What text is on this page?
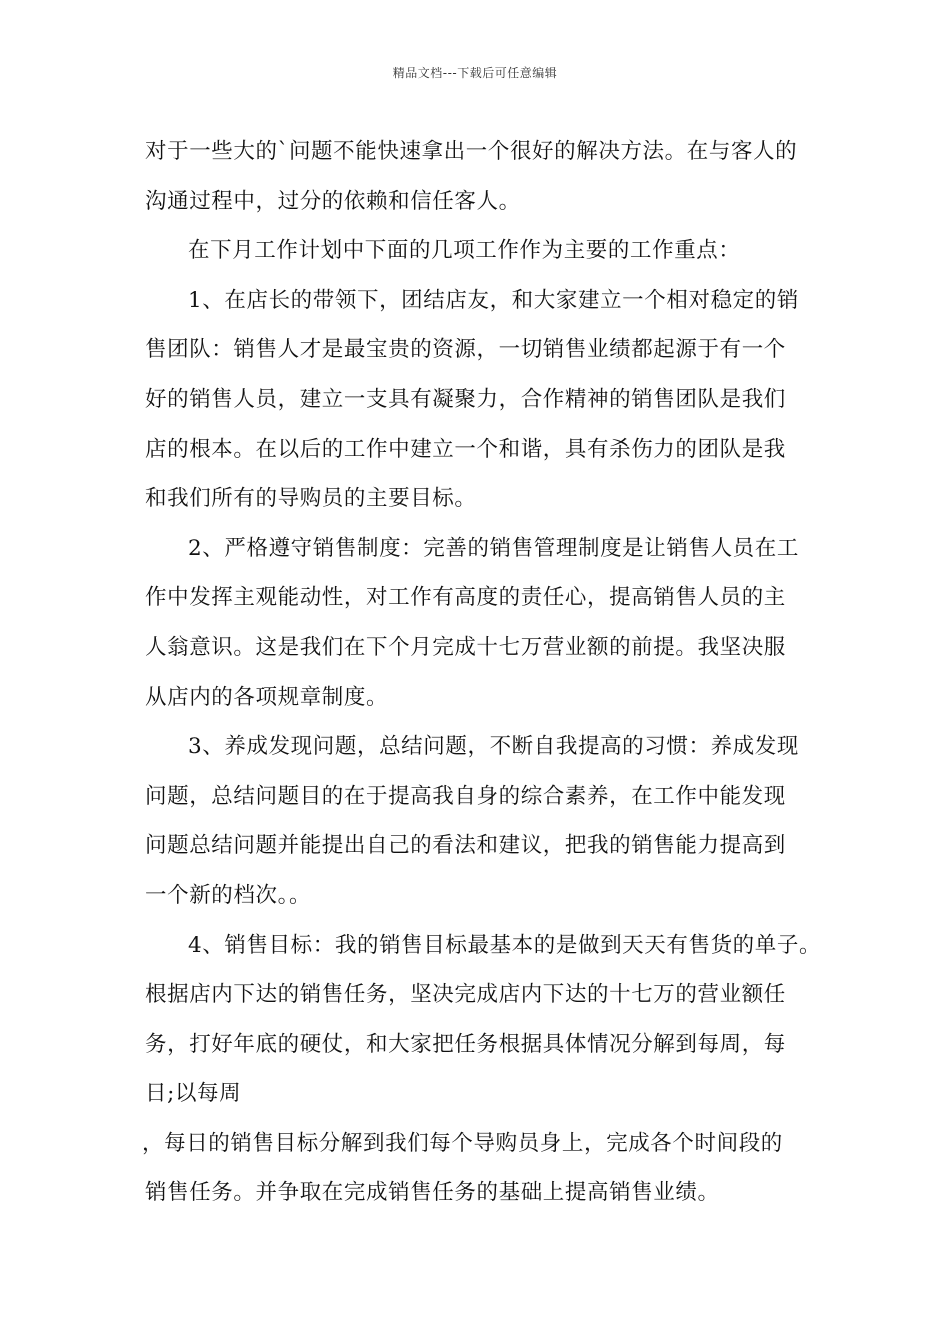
精品文档---下载后可任意编辑
对于一些大的`问题不能快速拿出一个很好的解决方法。在与客人的
沟通过程中，过分的依赖和信任客人。
在下月工作计划中下面的几项工作作为主要的工作重点：
1、在店长的带领下，团结店友，和大家建立一个相对稳定的销
售团队：销售人才是最宝贵的资源，一切销售业绩都起源于有一个
好的销售人员，建立一支具有凝聚力，合作精神的销售团队是我们
店的根本。在以后的工作中建立一个和谐，具有杀伤力的团队是我
和我们所有的导购员的主要目标。
2、严格遵守销售制度：完善的销售管理制度是让销售人员在工
作中发挥主观能动性，对工作有高度的责任心，提高销售人员的主
人翁意识。这是我们在下个月完成十七万营业额的前提。我坚决服
从店内的各项规章制度。
3、养成发现问题，总结问题，不断自我提高的习惯：养成发现
问题，总结问题目的在于提高我自身的综合素养，在工作中能发现
问题总结问题并能提出自己的看法和建议，把我的销售能力提高到
一个新的档次。。
4、销售目标：我的销售目标最基本的是做到天天有售货的单子。
根据店内下达的销售任务，坚决完成店内下达的十七万的营业额任
务，打好年底的硬仗，和大家把任务根据具体情况分解到每周，每
日;以每周
，每日的销售目标分解到我们每个导购员身上，完成各个时间段的
销售任务。并争取在完成销售任务的基础上提高销售业绩。
